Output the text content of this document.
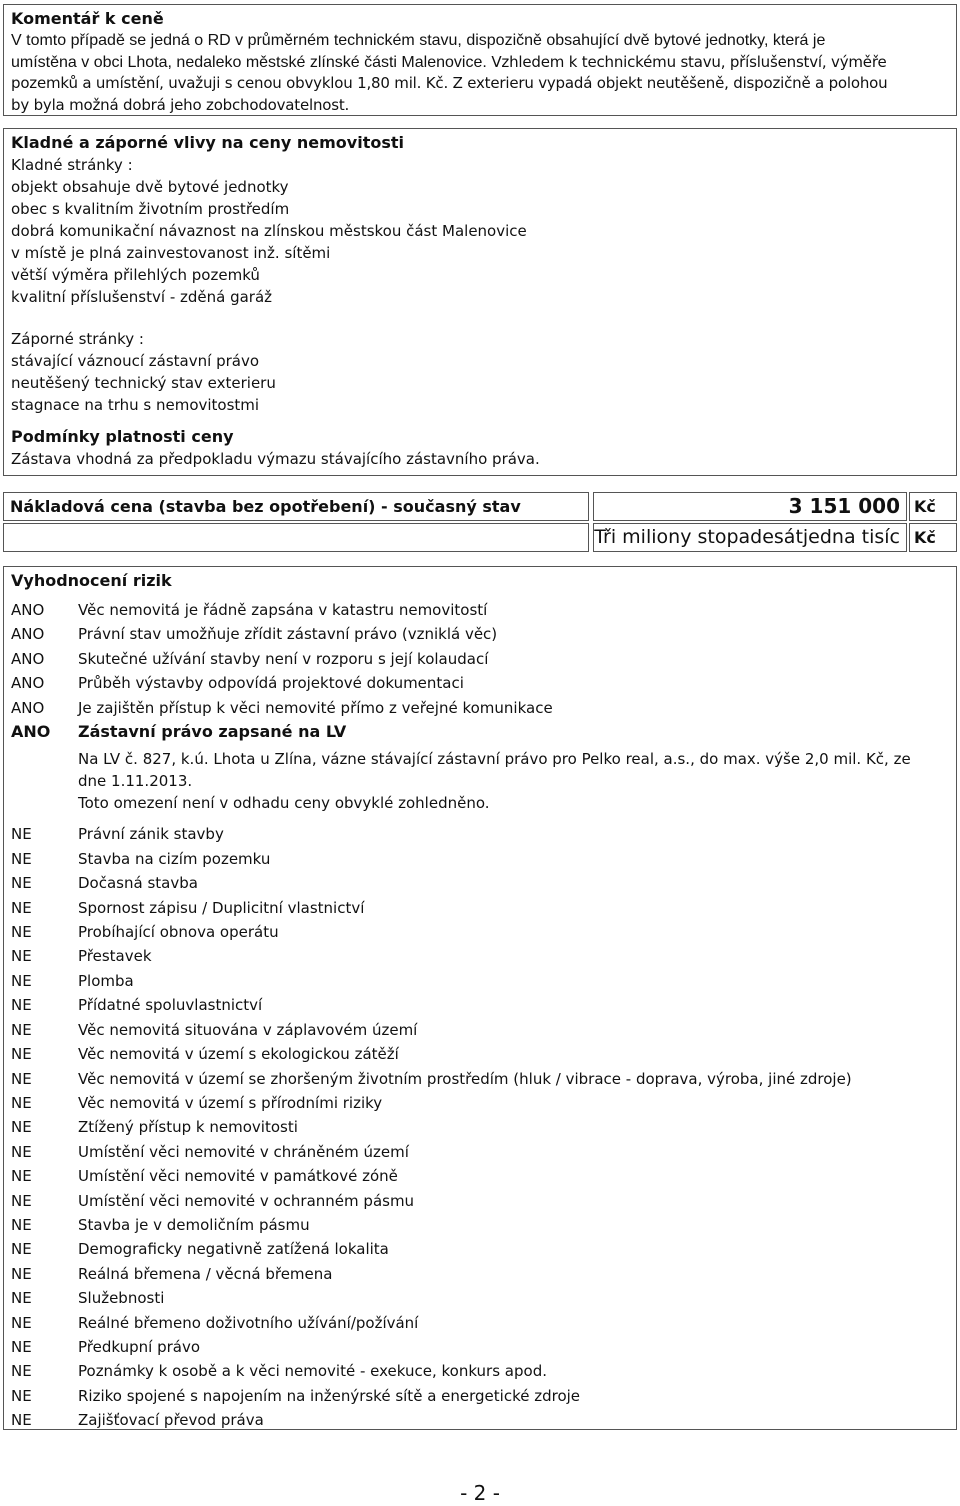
Komentář k ceně
V tomto případě se jedná o RD v průměrném technickém stavu, dispozičně obsahující dvě bytové jednotky, která je
umístěna v obci Lhota, nedaleko městské zlínské části Malenovice. Vzhledem k technickému stavu, příslušenství, výměře
pozemků a umístění, uvažuji s cenou obvyklou 1,80 mil. Kč. Z exterieru vypadá objekt neutěšeně, dispozičně a polohou
by byla možná dobrá jeho zobchodovatelnost.
Kladné a záporné vlivy na ceny nemovitosti
Kladné stránky :
objekt obsahuje dvě bytové jednotky
obec s kvalitním životním prostředím
dobrá komunikační návaznost na zlínskou městskou část Malenovice
v místě je plná zainvestovanost inž. sítěmi
větší výměra přilehlých pozemků
kvalitní příslušenství - zděná garáž
Záporné stránky :
stávající váznoucí zástavní právo
neutěšený technický stav exterieru
stagnace na trhu s nemovitostmi
Podmínky platnosti ceny
Zástava vhodná za předpokladu výmazu stávajícího zástavního práva.
Nákladová cena (stavba bez opotřebení) - současný stav	3 151 000 Kč
Tři miliony stopadesátjedna tisíc Kč
Vyhodnocení rizik
ANO	Věc nemovitá je řádně zapsána v katastru nemovitostí
ANO	Právní stav umožňuje zřídit zástavní právo (vzniklá věc)
ANO	Skutečné užívání stavby není v rozporu s její kolaudací
ANO	Průběh výstavby odpovídá projektové dokumentaci
ANO	Je zajištěn přístup k věci nemovité přímo z veřejné komunikace
ANO	Zástavní právo zapsané na LV
Na LV č. 827, k.ú. Lhota u Zlína, vázne stávající zástavní právo pro Pelko real, a.s., do max. výše 2,0 mil. Kč, ze
dne 1.11.2013.
Toto omezení není v odhadu ceny obvyklé zohledněno.
NE	Právní zánik stavby
NE	Stavba na cizím pozemku
NE	Dočasná stavba
NE	Spornost zápisu / Duplicitní vlastnictví
NE	Probíhající obnova operátu
NE	Přestavek
NE	Plomba
NE	Přídatné spoluvlastnictví
NE	Věc nemovitá situována v záplavovém území
NE	Věc nemovitá v území s ekologickou zátěží
NE	Věc nemovitá v území se zhoršeným životním prostředím (hluk / vibrace - doprava, výroba, jiné zdroje)
NE	Věc nemovitá v území s přírodními riziky
NE	Ztížený přístup k nemovitosti
NE	Umístění věci nemovité v chráněném území
NE	Umístění věci nemovité v památkové zóně
NE	Umístění věci nemovité v ochranném pásmu
NE	Stavba je v demoličním pásmu
NE	Demograficky negativně zatížená lokalita
NE	Reálná břemena / věcná břemena
NE	Služebnosti
NE	Reálné břemeno doživotního užívání/požívání
NE	Předkupní právo
NE	Poznámky k osobě a k věci nemovité - exekuce, konkurs apod.
NE	Riziko spojené s napojením na inženýrské sítě a energetické zdroje
NE	Zajišťovací převod práva
- 2 -
